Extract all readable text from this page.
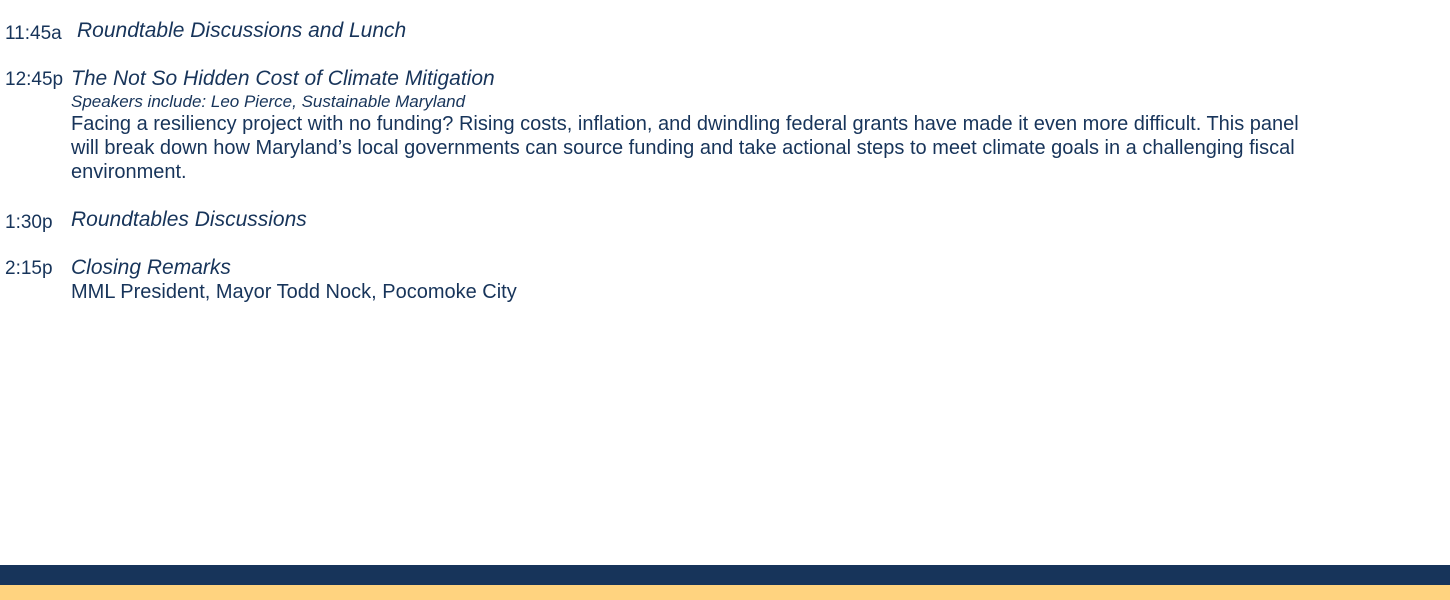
11:45a Roundtable Discussions and Lunch
12:45p The Not So Hidden Cost of Climate Mitigation
Speakers include: Leo Pierce, Sustainable Maryland
Facing a resiliency project with no funding? Rising costs, inflation, and dwindling federal grants have made it even more difficult. This panel
will break down how Maryland’s local governments can source funding and take actional steps to meet climate goals in a challenging fiscal
environment.
1:30p Roundtables Discussions
2:15p Closing Remarks
MML President, Mayor Todd Nock, Pocomoke City
